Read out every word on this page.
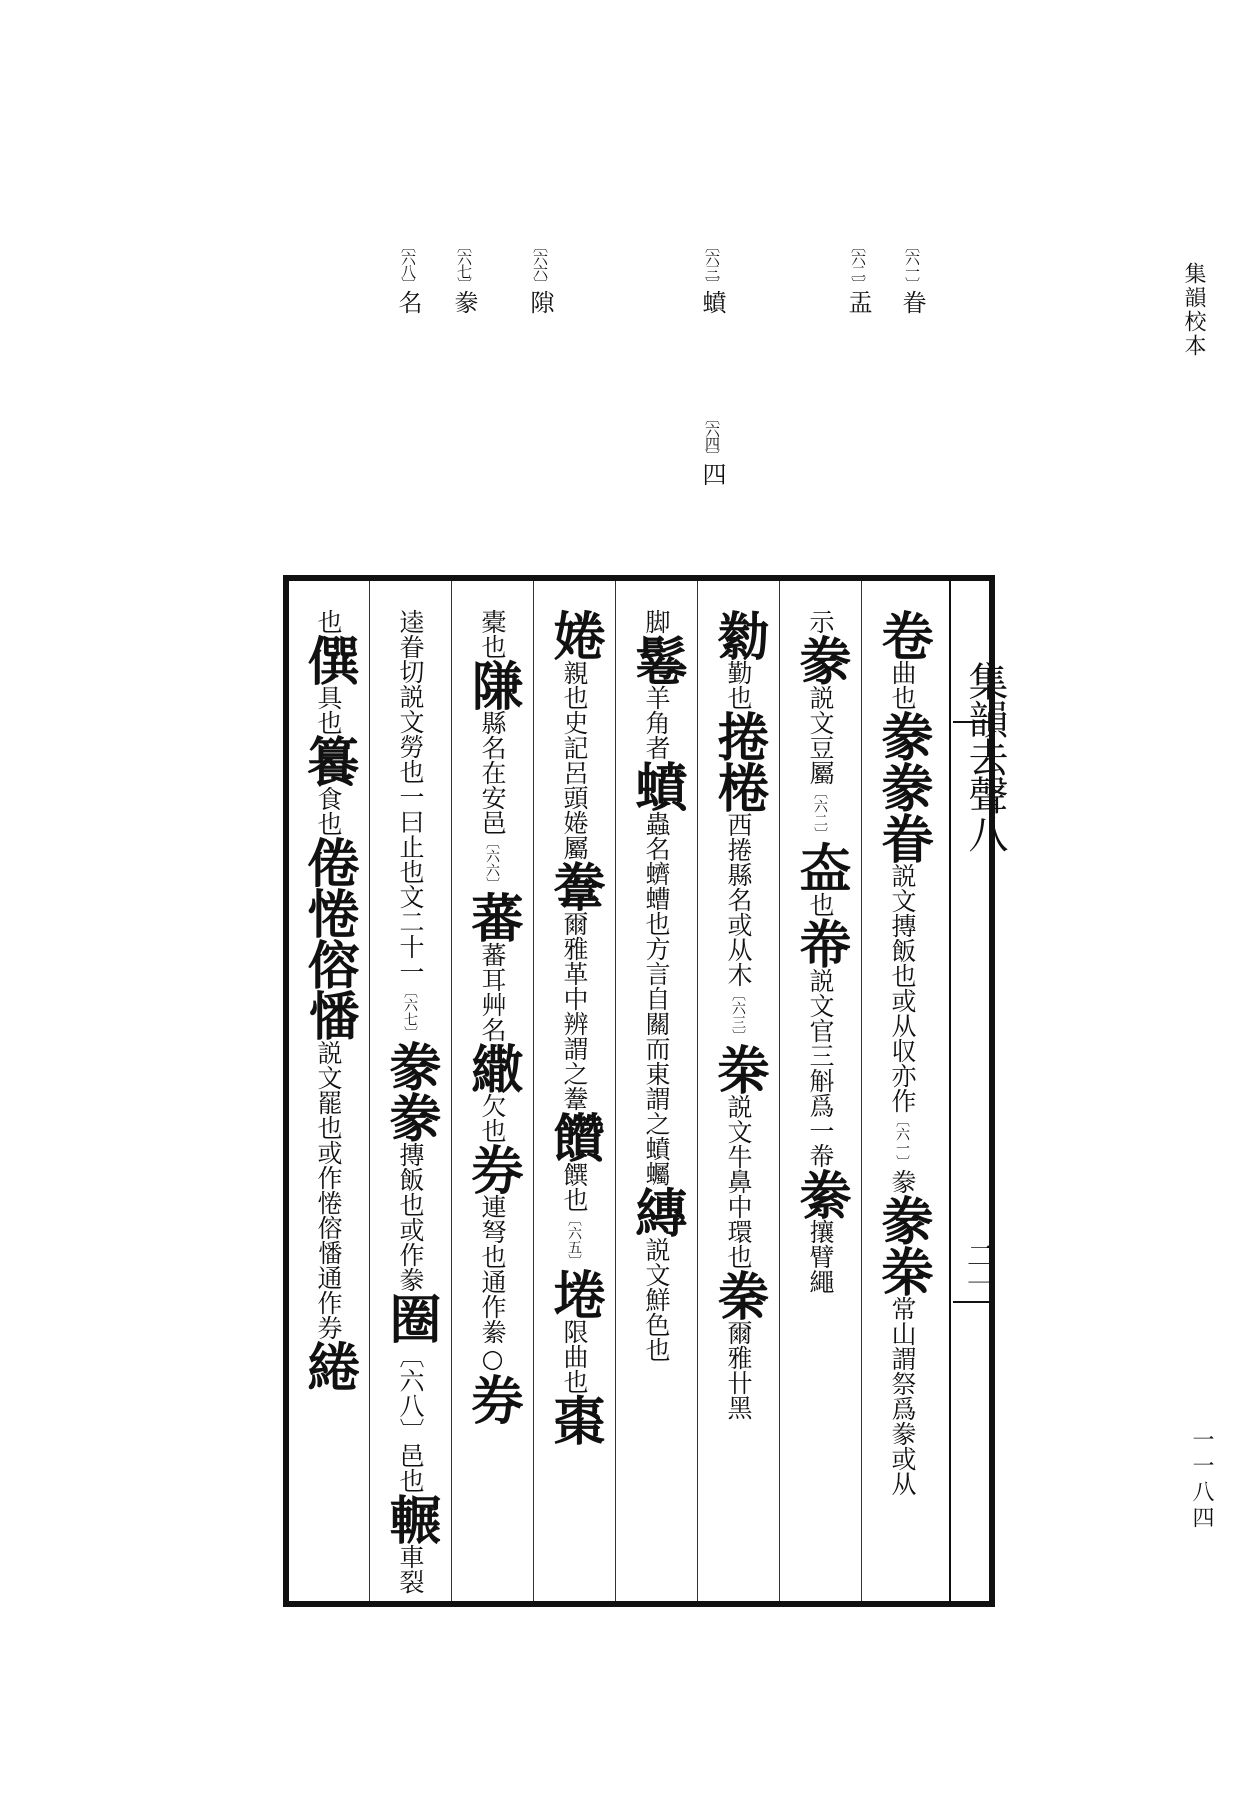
集韻校本
一一八四
〔六一〕眷
〔六二〕盂
〔六三〕蟦
〔六四〕四
〔六六〕隙
〔六七〕豢
〔六八〕名
卷曲也豢豢眷説文摶飯也或从収亦作〔六一〕豢豢桊常山謂祭爲豢或从
示豢説文豆屬〔六二〕盇也帣説文官三斛爲一帣絭攘臂繩
勬勤也捲棬西捲縣名或从木〔六三〕桊説文牛鼻中環也䅈爾雅卄黑
脚鬈羊角者蟦蟲名蠐螬也方言自關而東謂之蟦蠾縳説文鮮色也
婘親也史記呂頭婘屬韏爾雅革中辨謂之韏饡饌也〔六五〕埢限曲也棗
橐也隒縣名在安邑〔六六〕蕃蕃耳艸名繖欠也券連弩也通作絭○券
逵眷切説文勞也一曰止也文二十一〔六七〕豢豢摶飯也或作豢圈〔六八〕邑也輾車裂
也僎具也籑食也倦惓傛憣説文罷也或作惓傛憣通作券綣
集韻去聲八
二一
